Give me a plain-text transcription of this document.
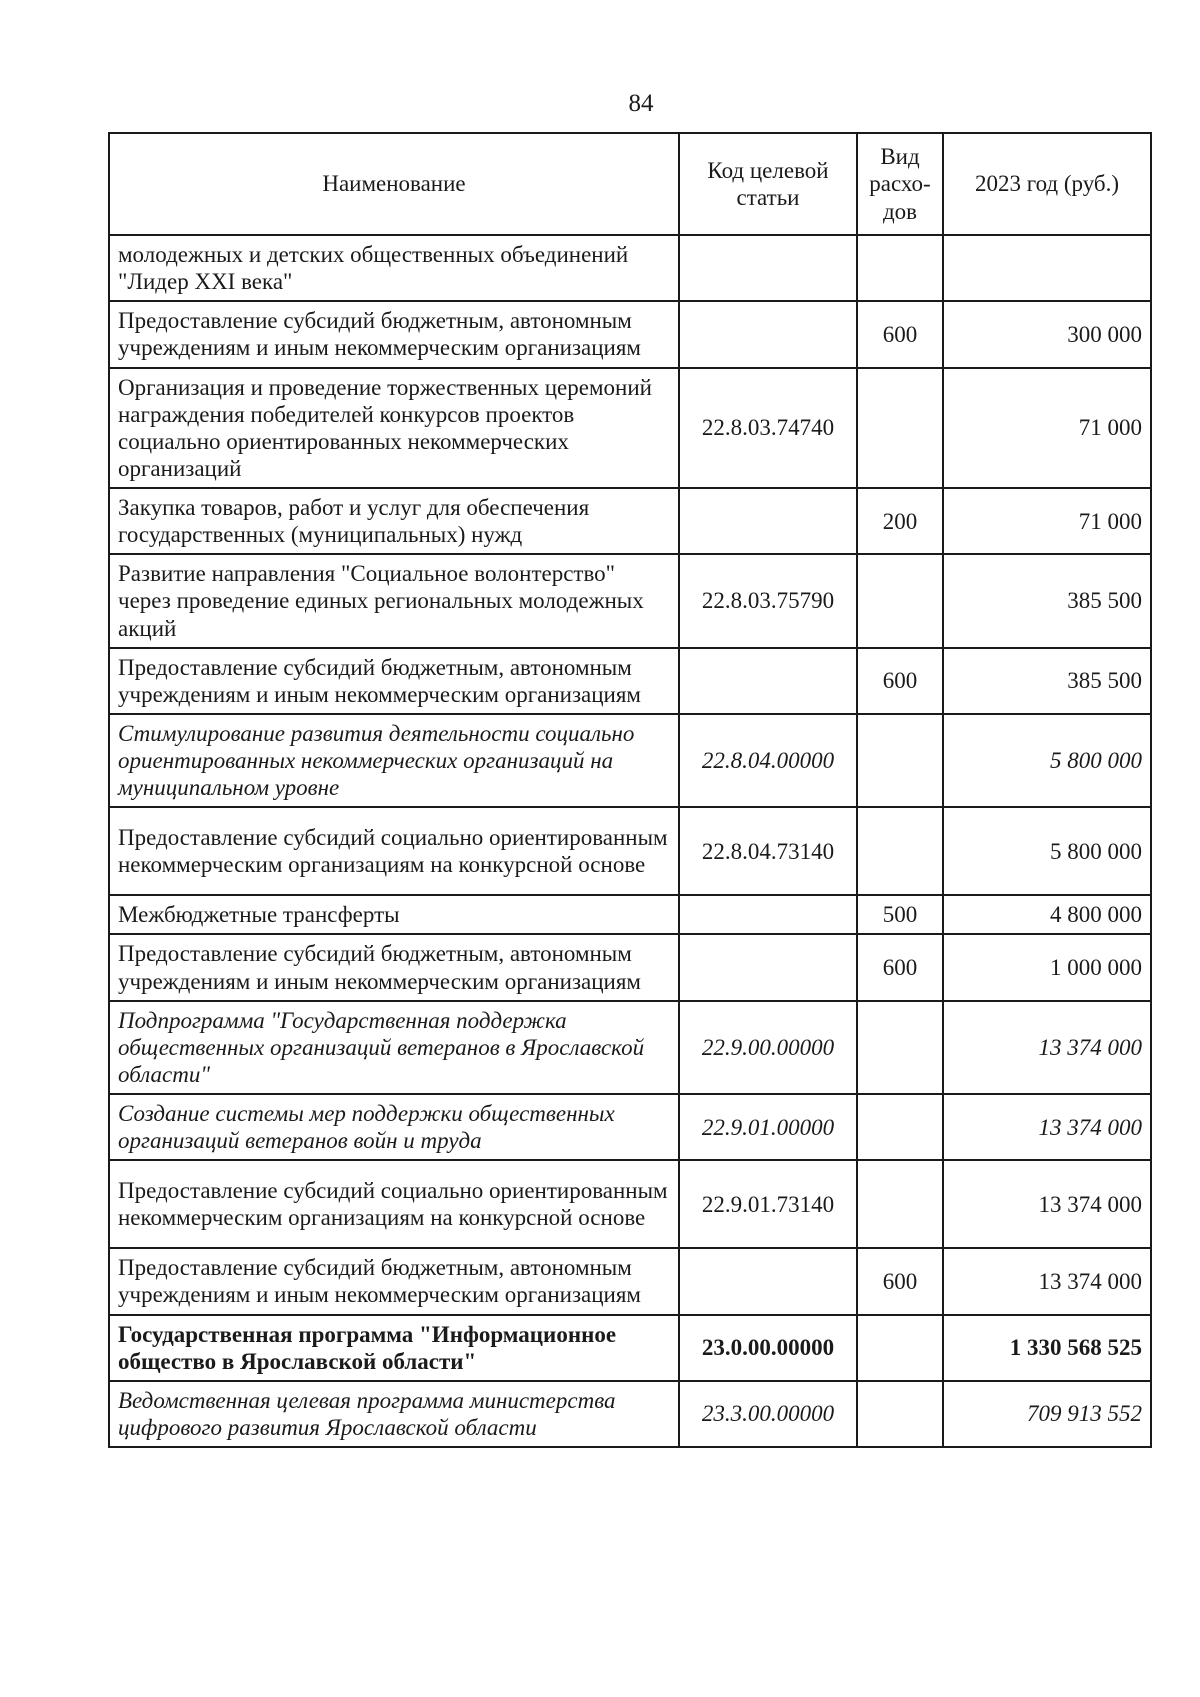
84
Наименование	Код целевой статьи	Вид расхо-дов	2023 год (руб.)
молодежных и детских общественных объединений "Лидер XXI века"			
Предоставление субсидий бюджетным, автономным учреждениям и иным некоммерческим организациям		600	300 000
Организация и проведение торжественных церемоний награждения победителей конкурсов проектов социально ориентированных некоммерческих организаций	22.8.03.74740		71 000
Закупка товаров, работ и услуг для обеспечения государственных (муниципальных) нужд		200	71 000
Развитие направления "Социальное волонтерство" через проведение единых региональных молодежных акций	22.8.03.75790		385 500
Предоставление субсидий бюджетным, автономным учреждениям и иным некоммерческим организациям		600	385 500
Стимулирование развития деятельности социально ориентированных некоммерческих организаций на муниципальном уровне	22.8.04.00000		5 800 000
Предоставление субсидий социально ориентированным некоммерческим организациям на конкурсной основе	22.8.04.73140		5 800 000
Межбюджетные трансферты		500	4 800 000
Предоставление субсидий бюджетным, автономным учреждениям и иным некоммерческим организациям		600	1 000 000
Подпрограмма "Государственная поддержка общественных организаций ветеранов в Ярославской области"	22.9.00.00000		13 374 000
Создание системы мер поддержки общественных организаций ветеранов войн и труда	22.9.01.00000		13 374 000
Предоставление субсидий социально ориентированным некоммерческим организациям на конкурсной основе	22.9.01.73140		13 374 000
Предоставление субсидий бюджетным, автономным учреждениям и иным некоммерческим организациям		600	13 374 000
Государственная программа "Информационное общество в Ярославской области"	23.0.00.00000		1 330 568 525
Ведомственная целевая программа министерства цифрового развития Ярославской области	23.3.00.00000		709 913 552
